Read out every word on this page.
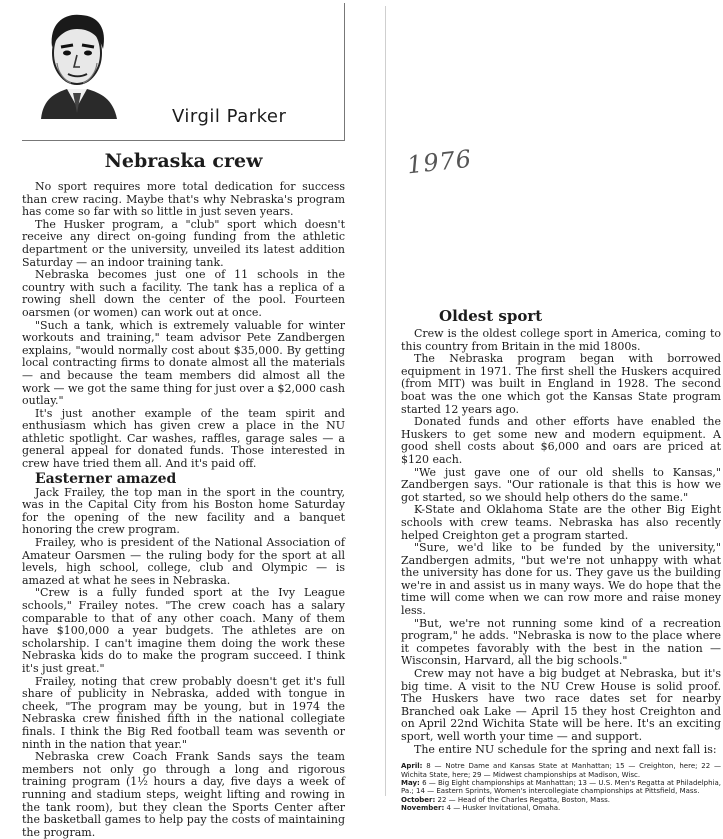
Virgil Parker
1976
Nebraska crew

No sport requires more total dedication for success than crew racing. Maybe that's why Nebraska's program has come so far with so little in just seven years.

The Husker program, a "club" sport which doesn't receive any direct on-going funding from the athletic department or the university, unveiled its latest addition Saturday — an indoor training tank.

Nebraska becomes just one of 11 schools in the country with such a facility. The tank has a replica of a rowing shell down the center of the pool. Fourteen oarsmen (or women) can work out at once.

"Such a tank, which is extremely valuable for winter workouts and training," team advisor Pete Zandbergen explains, "would normally cost about $35,000. By getting local contracting firms to donate almost all the materials — and because the team members did almost all the work — we got the same thing for just over a $2,000 cash outlay."

It's just another example of the team spirit and enthusiasm which has given crew a place in the NU athletic spotlight. Car washes, raffles, garage sales — a general appeal for donated funds. Those interested in crew have tried them all. And it's paid off.

Easterner amazed

Jack Frailey, the top man in the sport in the country, was in the Capital City from his Boston home Saturday for the opening of the new facility and a banquet honoring the crew program.

Frailey, who is president of the National Association of Amateur Oarsmen — the ruling body for the sport at all levels, high school, college, club and Olympic — is amazed at what he sees in Nebraska.

"Crew is a fully funded sport at the Ivy League schools," Frailey notes. "The crew coach has a salary comparable to that of any other coach. Many of them have $100,000 a year budgets. The athletes are on scholarship. I can't imagine them doing the work these Nebraska kids do to make the program succeed. I think it's just great."

Frailey, noting that crew probably doesn't get it's full share of publicity in Nebraska, added with tongue in cheek, "The program may be young, but in 1974 the Nebraska crew finished fifth in the national collegiate finals. I think the Big Red football team was seventh or ninth in the nation that year."

Nebraska crew Coach Frank Sands says the team members not only go through a long and rigorous training program (1½ hours a day, five days a week of running and stadium steps, weight lifting and rowing in the tank room), but they clean the Sports Center after the basketball games to help pay the costs of maintaining the program.

Oldest sport

Crew is the oldest college sport in America, coming to this country from Britain in the mid 1800s.

The Nebraska program began with borrowed equipment in 1971. The first shell the Huskers acquired (from MIT) was built in England in 1928. The second boat was the one which got the Kansas State program started 12 years ago.

Donated funds and other efforts have enabled the Huskers to get some new and modern equipment. A good shell costs about $6,000 and oars are priced at $120 each.

"We just gave one of our old shells to Kansas," Zandbergen says. "Our rationale is that this is how we got started, so we should help others do the same."

K-State and Oklahoma State are the other Big Eight schools with crew teams. Nebraska has also recently helped Creighton get a program started.

"Sure, we'd like to be funded by the university," Zandbergen admits, "but we're not unhappy with what the university has done for us. They gave us the building we're in and assist us in many ways. We do hope that the time will come when we can row more and raise money less.

"But, we're not running some kind of a recreation program," he adds. "Nebraska is now to the place where it competes favorably with the best in the nation — Wisconsin, Harvard, all the big schools."

Crew may not have a big budget at Nebraska, but it's big time. A visit to the NU Crew House is solid proof. The Huskers have two race dates set for nearby Branched oak Lake — April 15 they host Creighton and on April 22nd Wichita State will be here. It's an exciting sport, well worth your time — and support.

The entire NU schedule for the spring and next fall is:

April: 8 — Notre Dame and Kansas State at Manhattan; 15 — Creighton, here; 22 — Wichita State, here; 29 — Midwest championships at Madison, Wisc.
May: 6 — Big Eight championships at Manhattan; 13 — U.S. Men's Regatta at Philadelphia, Pa.; 14 — Eastern Sprints, Women's intercollegiate championships at Pittsfield, Mass.
October: 22 — Head of the Charles Regatta, Boston, Mass.
November: 4 — Husker Invitational, Omaha.
